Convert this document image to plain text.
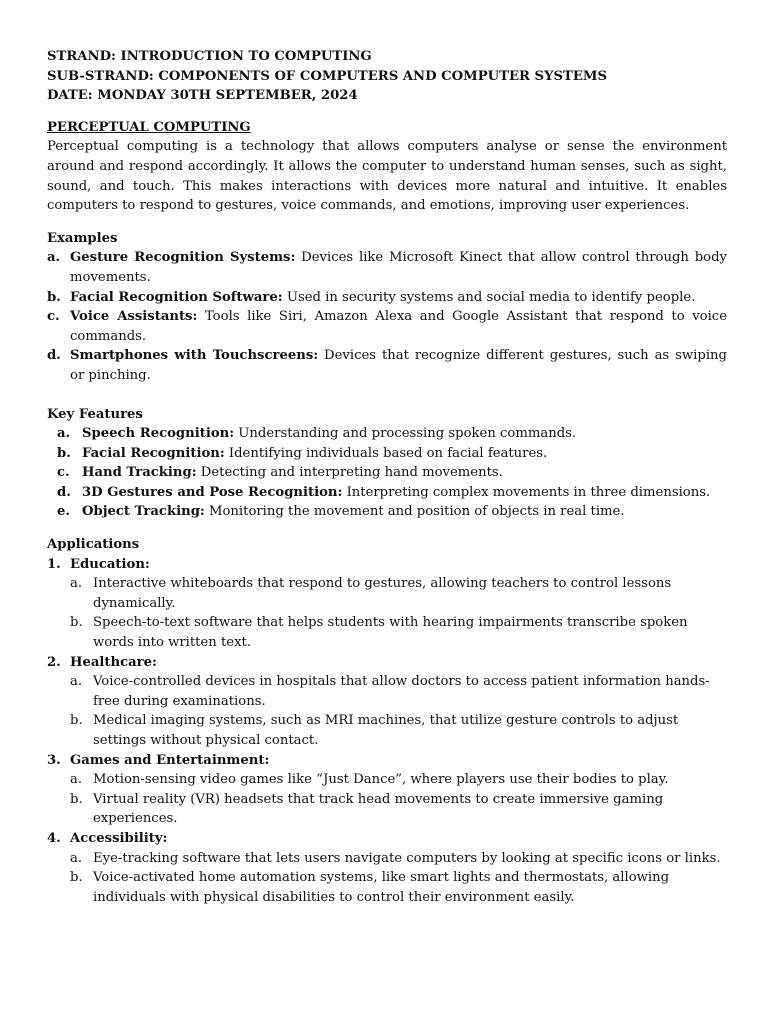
STRAND: INTRODUCTION TO COMPUTING
SUB-STRAND: COMPONENTS OF COMPUTERS AND COMPUTER SYSTEMS
DATE: MONDAY 30TH SEPTEMBER, 2024
PERCEPTUAL COMPUTING
Perceptual computing is a technology that allows computers analyse or sense the environment around and respond accordingly. It allows the computer to understand human senses, such as sight, sound, and touch. This makes interactions with devices more natural and intuitive. It enables computers to respond to gestures, voice commands, and emotions, improving user experiences.
Examples
a. Gesture Recognition Systems: Devices like Microsoft Kinect that allow control through body movements.
b. Facial Recognition Software: Used in security systems and social media to identify people.
c. Voice Assistants: Tools like Siri, Amazon Alexa and Google Assistant that respond to voice commands.
d. Smartphones with Touchscreens: Devices that recognize different gestures, such as swiping or pinching.
Key Features
a. Speech Recognition: Understanding and processing spoken commands.
b. Facial Recognition: Identifying individuals based on facial features.
c. Hand Tracking: Detecting and interpreting hand movements.
d. 3D Gestures and Pose Recognition: Interpreting complex movements in three dimensions.
e. Object Tracking: Monitoring the movement and position of objects in real time.
Applications
1. Education:
a. Interactive whiteboards that respond to gestures, allowing teachers to control lessons dynamically.
b. Speech-to-text software that helps students with hearing impairments transcribe spoken words into written text.
2. Healthcare:
a. Voice-controlled devices in hospitals that allow doctors to access patient information hands-free during examinations.
b. Medical imaging systems, such as MRI machines, that utilize gesture controls to adjust settings without physical contact.
3. Games and Entertainment:
a. Motion-sensing video games like “Just Dance”, where players use their bodies to play.
b. Virtual reality (VR) headsets that track head movements to create immersive gaming experiences.
4. Accessibility:
a. Eye-tracking software that lets users navigate computers by looking at specific icons or links.
b. Voice-activated home automation systems, like smart lights and thermostats, allowing individuals with physical disabilities to control their environment easily.
